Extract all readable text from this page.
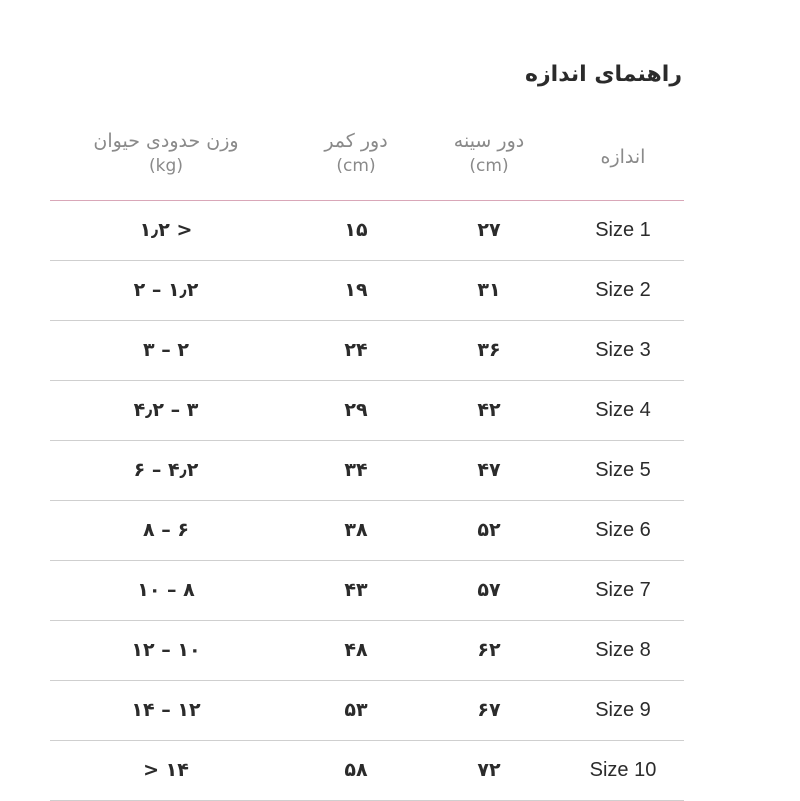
راهنمای اندازه
اندازه
دور سینه
(cm)
دور کمر
(cm)
وزن حدودی حیوان
(kg)
Size 1
۲۷
۱۵
< ۱٫۲
Size 2
۳۱
۱۹
۱٫۲ – ۲
Size 3
۳۶
۲۴
۲ – ۳
Size 4
۴۲
۲۹
۳ – ۴٫۲
Size 5
۴۷
۳۴
۴٫۲ – ۶
Size 6
۵۲
۳۸
۶ – ۸
Size 7
۵۷
۴۳
۸ – ۱۰
Size 8
۶۲
۴۸
۱۰ – ۱۲
Size 9
۶۷
۵۳
۱۲ – ۱۴
Size 10
۷۲
۵۸
۱۴ <
